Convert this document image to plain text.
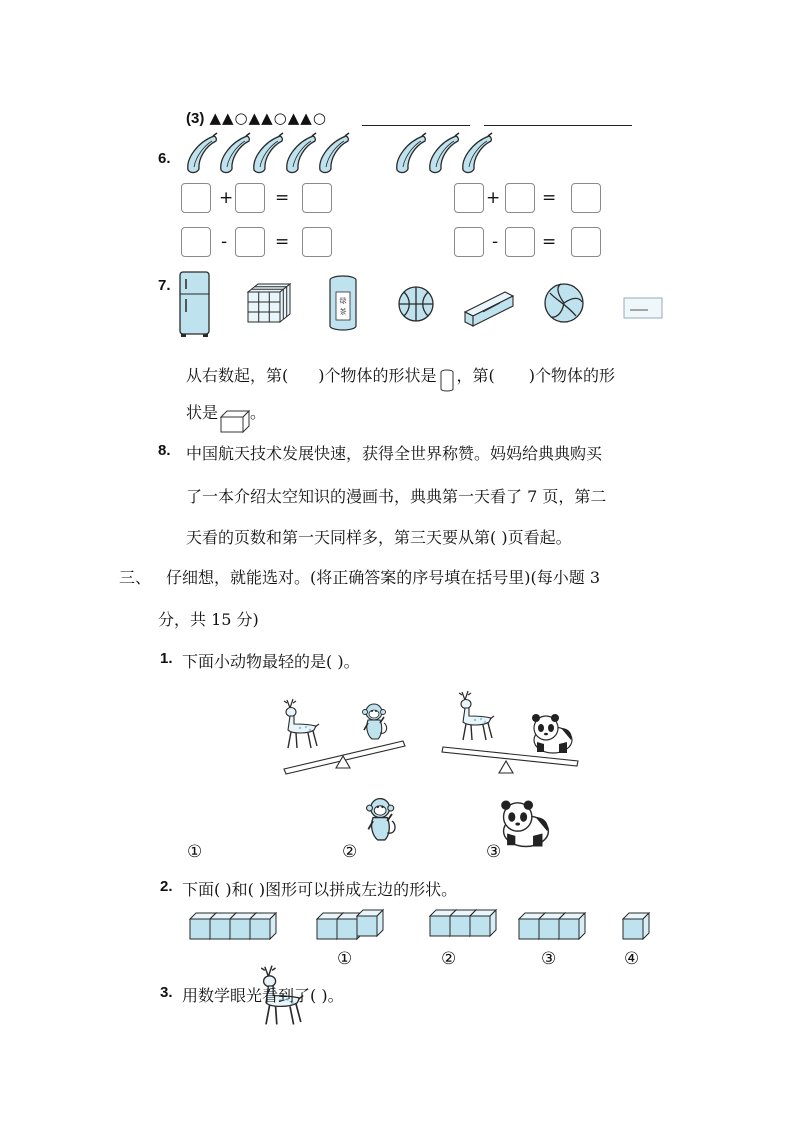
(3) ▲▲○▲▲○▲▲○
6.
+ =
-	=
+ =
-	=
7.
绿
茶
从右数起，第( )个物体的形状是 ，第( )个物体的形
状是 。
8. 中国航天技术发展快速，获得全世界称赞。妈妈给典典购买
了一本介绍太空知识的漫画书，典典第一天看了 7 页，第二
天看的页数和第一天同样多，第三天要从第( )页看起。
三、 仔细想，就能选对。(将正确答案的序号填在括号里)(每小题 3
分，共 15 分)
1. 下面小动物最轻的是( )。
①	②	③
2. 下面( )和( )图形可以拼成左边的形状。
①	②	③	④
3. 用数学眼光看到了( )。
